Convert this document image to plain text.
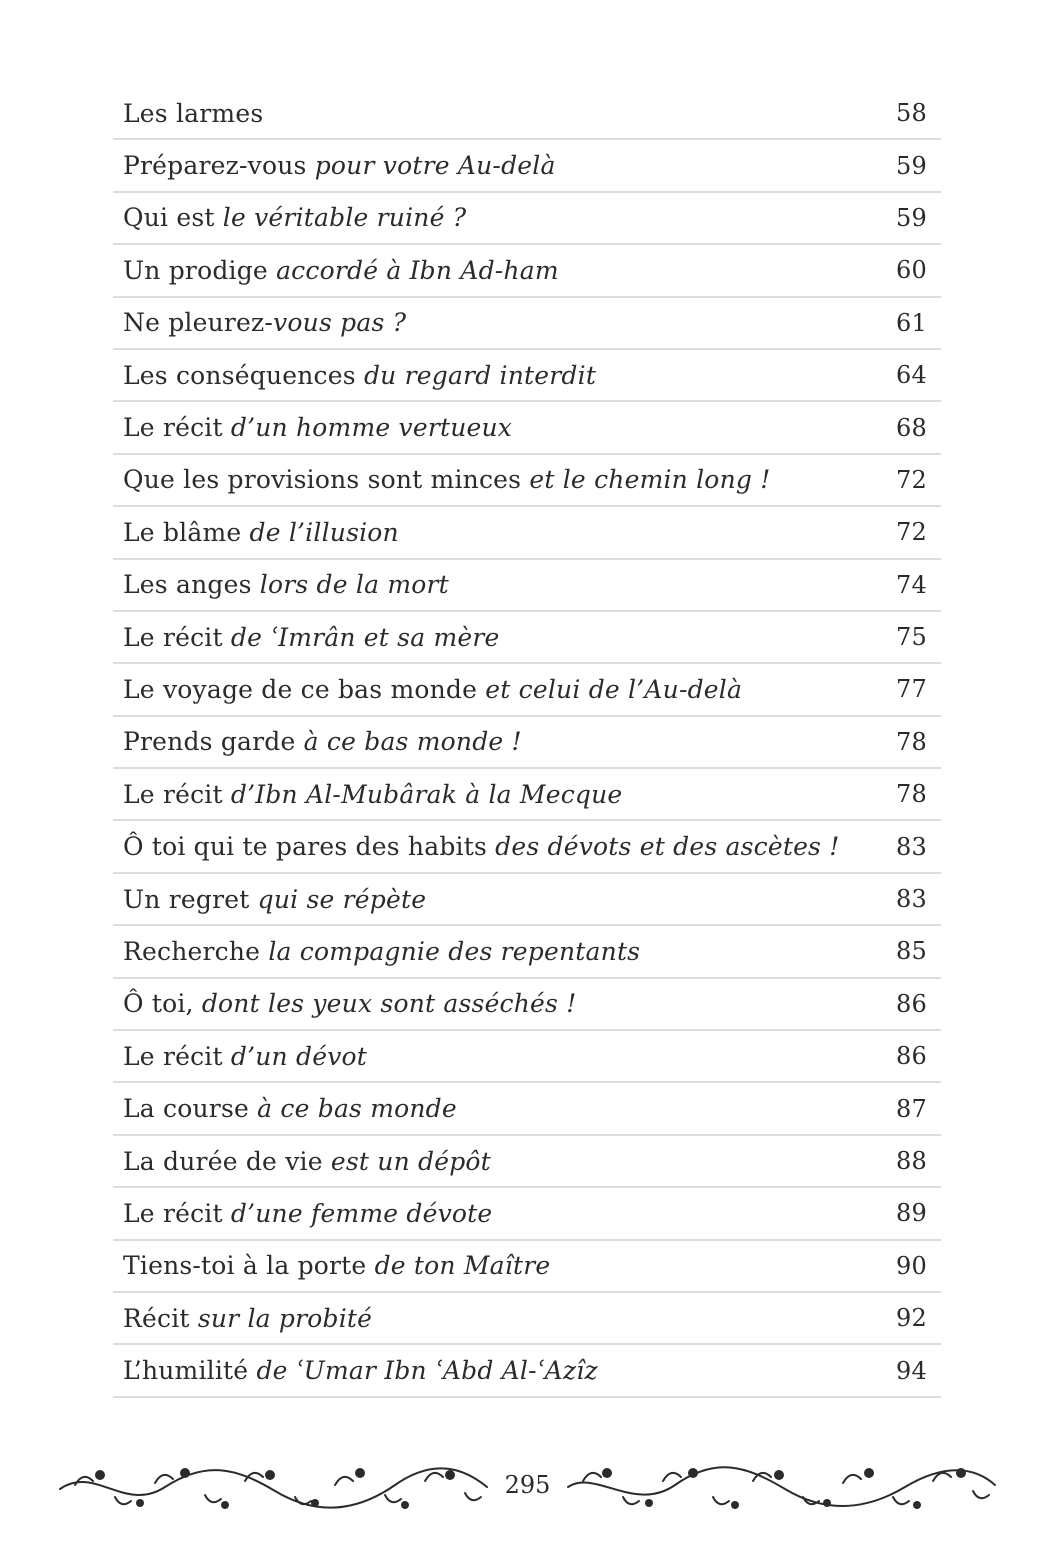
Les larmes	58
Préparez-vous pour votre Au-delà	59
Qui est le véritable ruiné ?	59
Un prodige accordé à Ibn Ad-ham	60
Ne pleurez-vous pas ?	61
Les conséquences du regard interdit	64
Le récit d’un homme vertueux	68
Que les provisions sont minces et le chemin long !	72
Le blâme de l’illusion	72
Les anges lors de la mort	74
Le récit de ʿImrân et sa mère	75
Le voyage de ce bas monde et celui de l’Au-delà	77
Prends garde à ce bas monde !	78
Le récit d’Ibn Al-Mubârak à la Mecque	78
Ô toi qui te pares des habits des dévots et des ascètes !	83
Un regret qui se répète	83
Recherche la compagnie des repentants	85
Ô toi, dont les yeux sont asséchés !	86
Le récit d’un dévot	86
La course à ce bas monde	87
La durée de vie est un dépôt	88
Le récit d’une femme dévote	89
Tiens-toi à la porte de ton Maître	90
Récit sur la probité	92
L’humilité de ʿUmar Ibn ʿAbd Al-ʿAzîz	94
295
